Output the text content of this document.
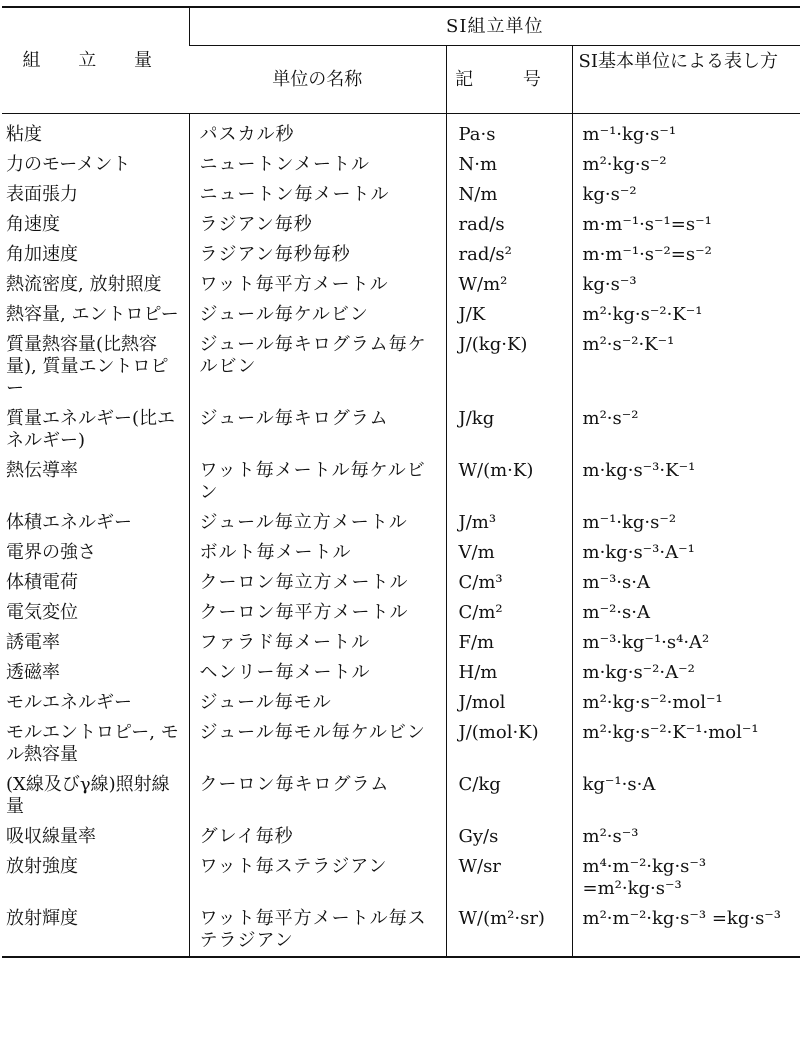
組 立 量	SI組立単位		
	単位の名称	記 号	SI基本単位による表し方
粘度	パスカル秒	Pa·s	m⁻¹·kg·s⁻¹
力のモーメント	ニュートンメートル	N·m	m²·kg·s⁻²
表面張力	ニュートン毎メートル	N/m	kg·s⁻²
角速度	ラジアン毎秒	rad/s	m·m⁻¹·s⁻¹=s⁻¹
角加速度	ラジアン毎秒毎秒	rad/s²	m·m⁻¹·s⁻²=s⁻²
熱流密度, 放射照度	ワット毎平方メートル	W/m²	kg·s⁻³
熱容量, エントロピー	ジュール毎ケルビン	J/K	m²·kg·s⁻²·K⁻¹
質量熱容量(比熱容量), 質量エントロピー	ジュール毎キログラム毎ケルビン	J/(kg·K)	m²·s⁻²·K⁻¹
質量エネルギー(比エネルギー)	ジュール毎キログラム	J/kg	m²·s⁻²
熱伝導率	ワット毎メートル毎ケルビン	W/(m·K)	m·kg·s⁻³·K⁻¹
体積エネルギー	ジュール毎立方メートル	J/m³	m⁻¹·kg·s⁻²
電界の強さ	ボルト毎メートル	V/m	m·kg·s⁻³·A⁻¹
体積電荷	クーロン毎立方メートル	C/m³	m⁻³·s·A
電気変位	クーロン毎平方メートル	C/m²	m⁻²·s·A
誘電率	ファラド毎メートル	F/m	m⁻³·kg⁻¹·s⁴·A²
透磁率	ヘンリー毎メートル	H/m	m·kg·s⁻²·A⁻²
モルエネルギー	ジュール毎モル	J/mol	m²·kg·s⁻²·mol⁻¹
モルエントロピー, モル熱容量	ジュール毎モル毎ケルビン	J/(mol·K)	m²·kg·s⁻²·K⁻¹·mol⁻¹
(X線及びγ線)照射線量	クーロン毎キログラム	C/kg	kg⁻¹·s·A
吸収線量率	グレイ毎秒	Gy/s	m²·s⁻³
放射強度	ワット毎ステラジアン	W/sr	m⁴·m⁻²·kg·s⁻³ =m²·kg·s⁻³
放射輝度	ワット毎平方メートル毎ステラジアン	W/(m²·sr)	m²·m⁻²·kg·s⁻³ =kg·s⁻³
